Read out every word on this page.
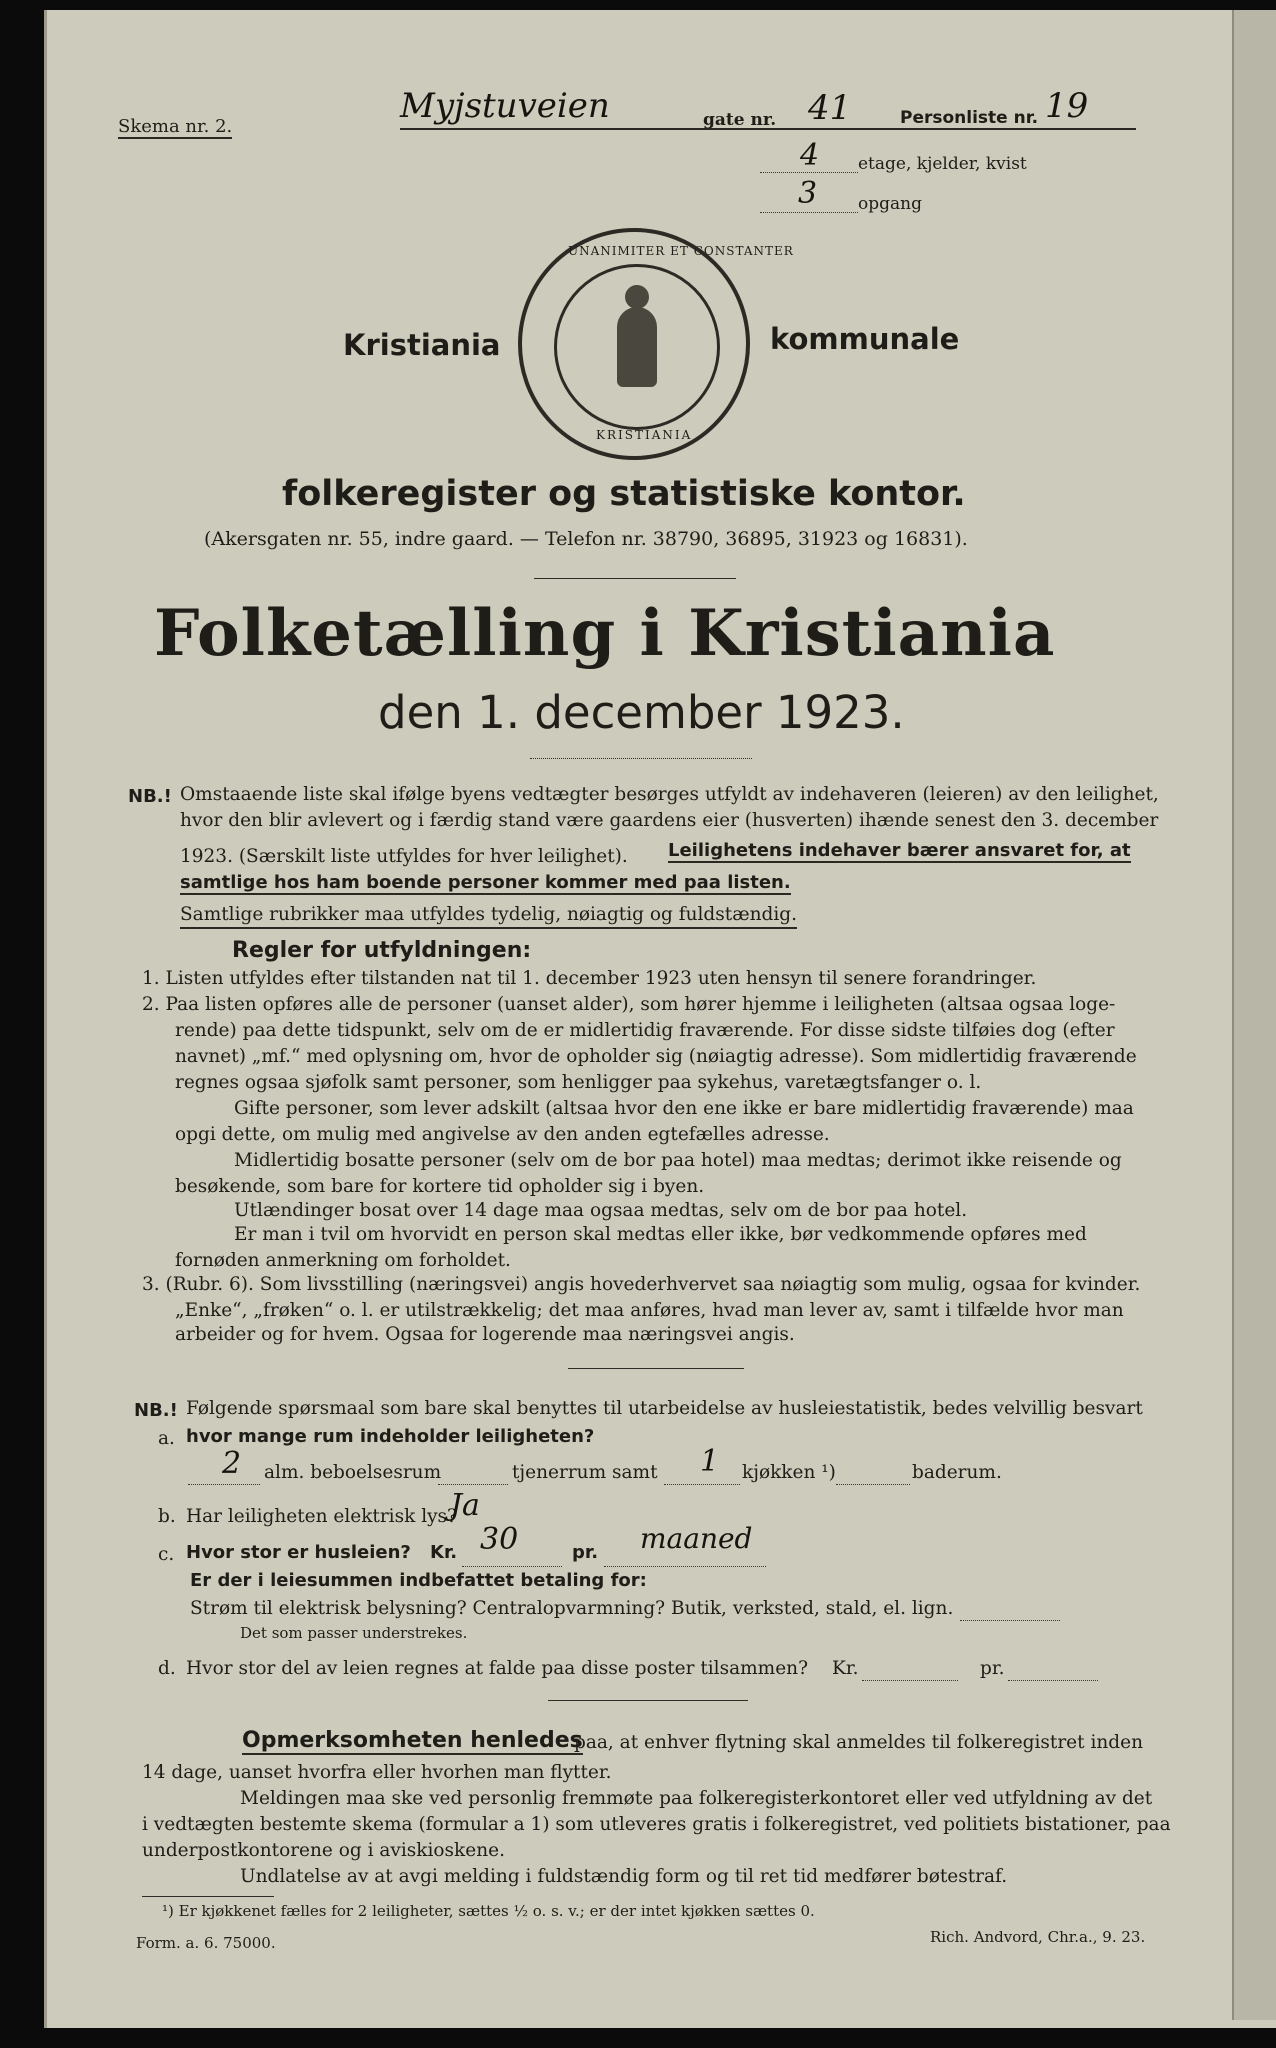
Skema nr. 2.
Myjstuveien	gate nr. 41	Personliste nr. 19
4 etage, kjelder, kvist
3 opgang
Kristiania
UNANIMITER ET CONSTANTER
KRISTIANIA
kommunale
folkeregister og statistiske kontor.
(Akersgaten nr. 55, indre gaard. — Telefon nr. 38790, 36895, 31923 og 16831).
Folketælling i Kristiania
den 1. december 1923.
NB.! Omstaaende liste skal ifølge byens vedtægter besørges utfyldt av indehaveren (leieren) av den leilighet,
hvor den blir avlevert og i færdig stand være gaardens eier (husverten) ihænde senest den 3. december
1923. (Særskilt liste utfyldes for hver leilighet). Leilighetens indehaver bærer ansvaret for, at
samtlige hos ham boende personer kommer med paa listen.
Samtlige rubrikker maa utfyldes tydelig, nøiagtig og fuldstændig.
Regler for utfyldningen:
1. Listen utfyldes efter tilstanden nat til 1. december 1923 uten hensyn til senere forandringer.
2. Paa listen opføres alle de personer (uanset alder), som hører hjemme i leiligheten (altsaa ogsaa loge-
rende) paa dette tidspunkt, selv om de er midlertidig fraværende. For disse sidste tilføies dog (efter
navnet) „mf.“ med oplysning om, hvor de opholder sig (nøiagtig adresse). Som midlertidig fraværende
regnes ogsaa sjøfolk samt personer, som henligger paa sykehus, varetægtsfanger o. l.
Gifte personer, som lever adskilt (altsaa hvor den ene ikke er bare midlertidig fraværende) maa
opgi dette, om mulig med angivelse av den anden egtefælles adresse.
Midlertidig bosatte personer (selv om de bor paa hotel) maa medtas; derimot ikke reisende og
besøkende, som bare for kortere tid opholder sig i byen.
Utlændinger bosat over 14 dage maa ogsaa medtas, selv om de bor paa hotel.
Er man i tvil om hvorvidt en person skal medtas eller ikke, bør vedkommende opføres med
fornøden anmerkning om forholdet.
3. (Rubr. 6). Som livsstilling (næringsvei) angis hovederhvervet saa nøiagtig som mulig, ogsaa for kvinder.
„Enke“, „frøken“ o. l. er utilstrækkelig; det maa anføres, hvad man lever av, samt i tilfælde hvor man
arbeider og for hvem. Ogsaa for logerende maa næringsvei angis.
NB.! Følgende spørsmaal som bare skal benyttes til utarbeidelse av husleiestatistik, bedes velvillig besvart
a. hvor mange rum indeholder leiligheten?
2 alm. beboelsesrum	tjenerrum samt 1 kjøkken ¹)	baderum.
b. Har leiligheten elektrisk lys?
Ja
c. Hvor stor er husleien? Kr. 30	pr. maaned
Er der i leiesummen indbefattet betaling for:
Strøm til elektrisk belysning? Centralopvarmning? Butik, verksted, stald, el. lign.
Det som passer understrekes.
d. Hvor stor del av leien regnes at falde paa disse poster tilsammen? Kr.	pr.
Opmerksomheten henledes
paa, at enhver flytning skal anmeldes til folkeregistret inden
14 dage, uanset hvorfra eller hvorhen man flytter.
Meldingen maa ske ved personlig fremmøte paa folkeregisterkontoret eller ved utfyldning av det
i vedtægten bestemte skema (formular a 1) som utleveres gratis i folkeregistret, ved politiets bistationer, paa
underpostkontorene og i aviskioskene.
Undlatelse av at avgi melding i fuldstændig form og til ret tid medfører bøtestraf.
¹) Er kjøkkenet fælles for 2 leiligheter, sættes ½ o. s. v.; er der intet kjøkken sættes 0.
Form. a. 6. 75000.	Rich. Andvord, Chr.a., 9. 23.
